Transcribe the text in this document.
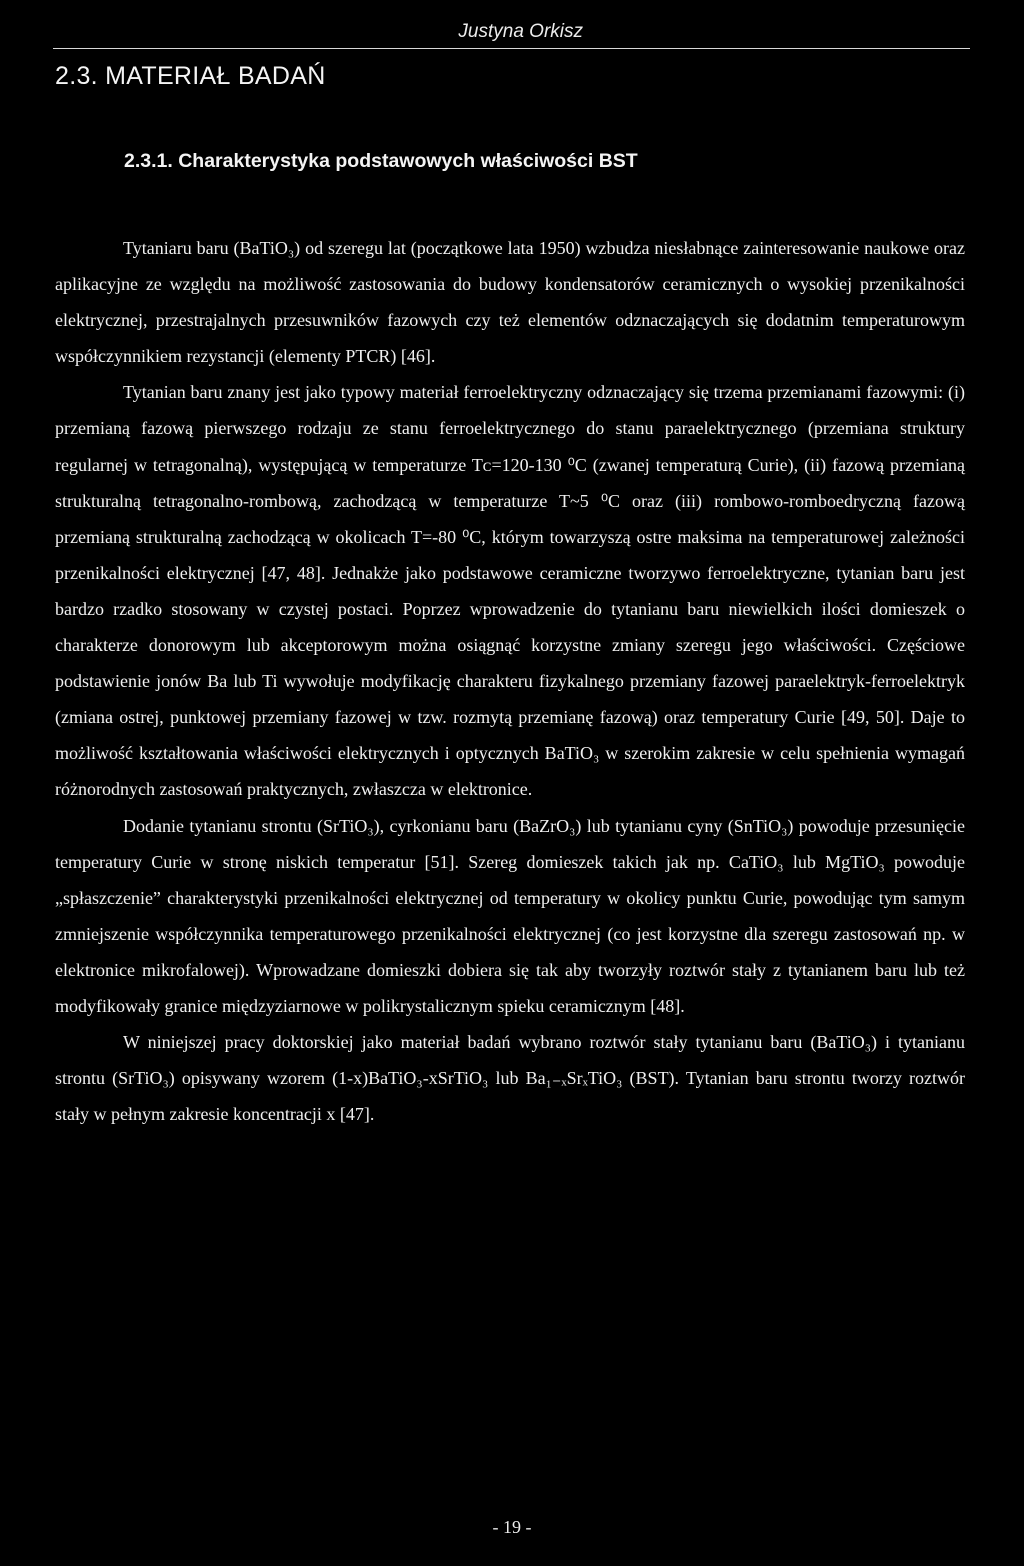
Justyna Orkisz
2.3. MATERIAŁ BADAŃ
2.3.1. Charakterystyka podstawowych właściwości BST

Tytaniaru baru (BaTiO₃) od szeregu lat (początkowe lata 1950) wzbudza niesłabnące zainteresowanie naukowe oraz aplikacyjne ze względu na możliwość zastosowania do budowy kondensatorów ceramicznych o wysokiej przenikalności elektrycznej, przestrajalnych przesuwników fazowych czy też elementów odznaczających się dodatnim temperaturowym współczynnikiem rezystancji (elementy PTCR) [46].

Tytanian baru znany jest jako typowy materiał ferroelektryczny odznaczający się trzema przemianami fazowymi: (i) przemianą fazową pierwszego rodzaju ze stanu ferroelektrycznego do stanu paraelektrycznego (przemiana struktury regularnej w tetragonalną), występującą w temperaturze Tᴄ=120-130 ⁰C (zwanej temperaturą Curie), (ii) fazową przemianą strukturalną tetragonalno-rombową, zachodzącą w temperaturze T~5 ⁰C oraz (iii) rombowo-romboedryczną fazową przemianą strukturalną zachodzącą w okolicach T=-80 ⁰C, którym towarzyszą ostre maksima na temperaturowej zależności przenikalności elektrycznej [47, 48]. Jednakże jako podstawowe ceramiczne tworzywo ferroelektryczne, tytanian baru jest bardzo rzadko stosowany w czystej postaci. Poprzez wprowadzenie do tytanianu baru niewielkich ilości domieszek o charakterze donorowym lub akceptorowym można osiągnąć korzystne zmiany szeregu jego właściwości. Częściowe podstawienie jonów Ba lub Ti wywołuje modyfikację charakteru fizykalnego przemiany fazowej paraelektryk-ferroelektryk (zmiana ostrej, punktowej przemiany fazowej w tzw. rozmytą przemianę fazową) oraz temperatury Curie [49, 50]. Daje to możliwość kształtowania właściwości elektrycznych i optycznych BaTiO₃ w szerokim zakresie w celu spełnienia wymagań różnorodnych zastosowań praktycznych, zwłaszcza w elektronice.

Dodanie tytanianu strontu (SrTiO₃), cyrkonianu baru (BaZrO₃) lub tytanianu cyny (SnTiO₃) powoduje przesunięcie temperatury Curie w stronę niskich temperatur [51]. Szereg domieszek takich jak np. CaTiO₃ lub MgTiO₃ powoduje „spłaszczenie” charakterystyki przenikalności elektrycznej od temperatury w okolicy punktu Curie, powodując tym samym zmniejszenie współczynnika temperaturowego przenikalności elektrycznej (co jest korzystne dla szeregu zastosowań np. w elektronice mikrofalowej). Wprowadzane domieszki dobiera się tak aby tworzyły roztwór stały z tytanianem baru lub też modyfikowały granice międzyziarnowe w polikrystalicznym spieku ceramicznym [48].

W niniejszej pracy doktorskiej jako materiał badań wybrano roztwór stały tytanianu baru (BaTiO₃) i tytanianu strontu (SrTiO₃) opisywany wzorem (1-x)BaTiO₃-xSrTiO₃ lub Ba₁₋ₓSrₓTiO₃ (BST). Tytanian baru strontu tworzy roztwór stały w pełnym zakresie koncentracji x [47].

- 19 -
